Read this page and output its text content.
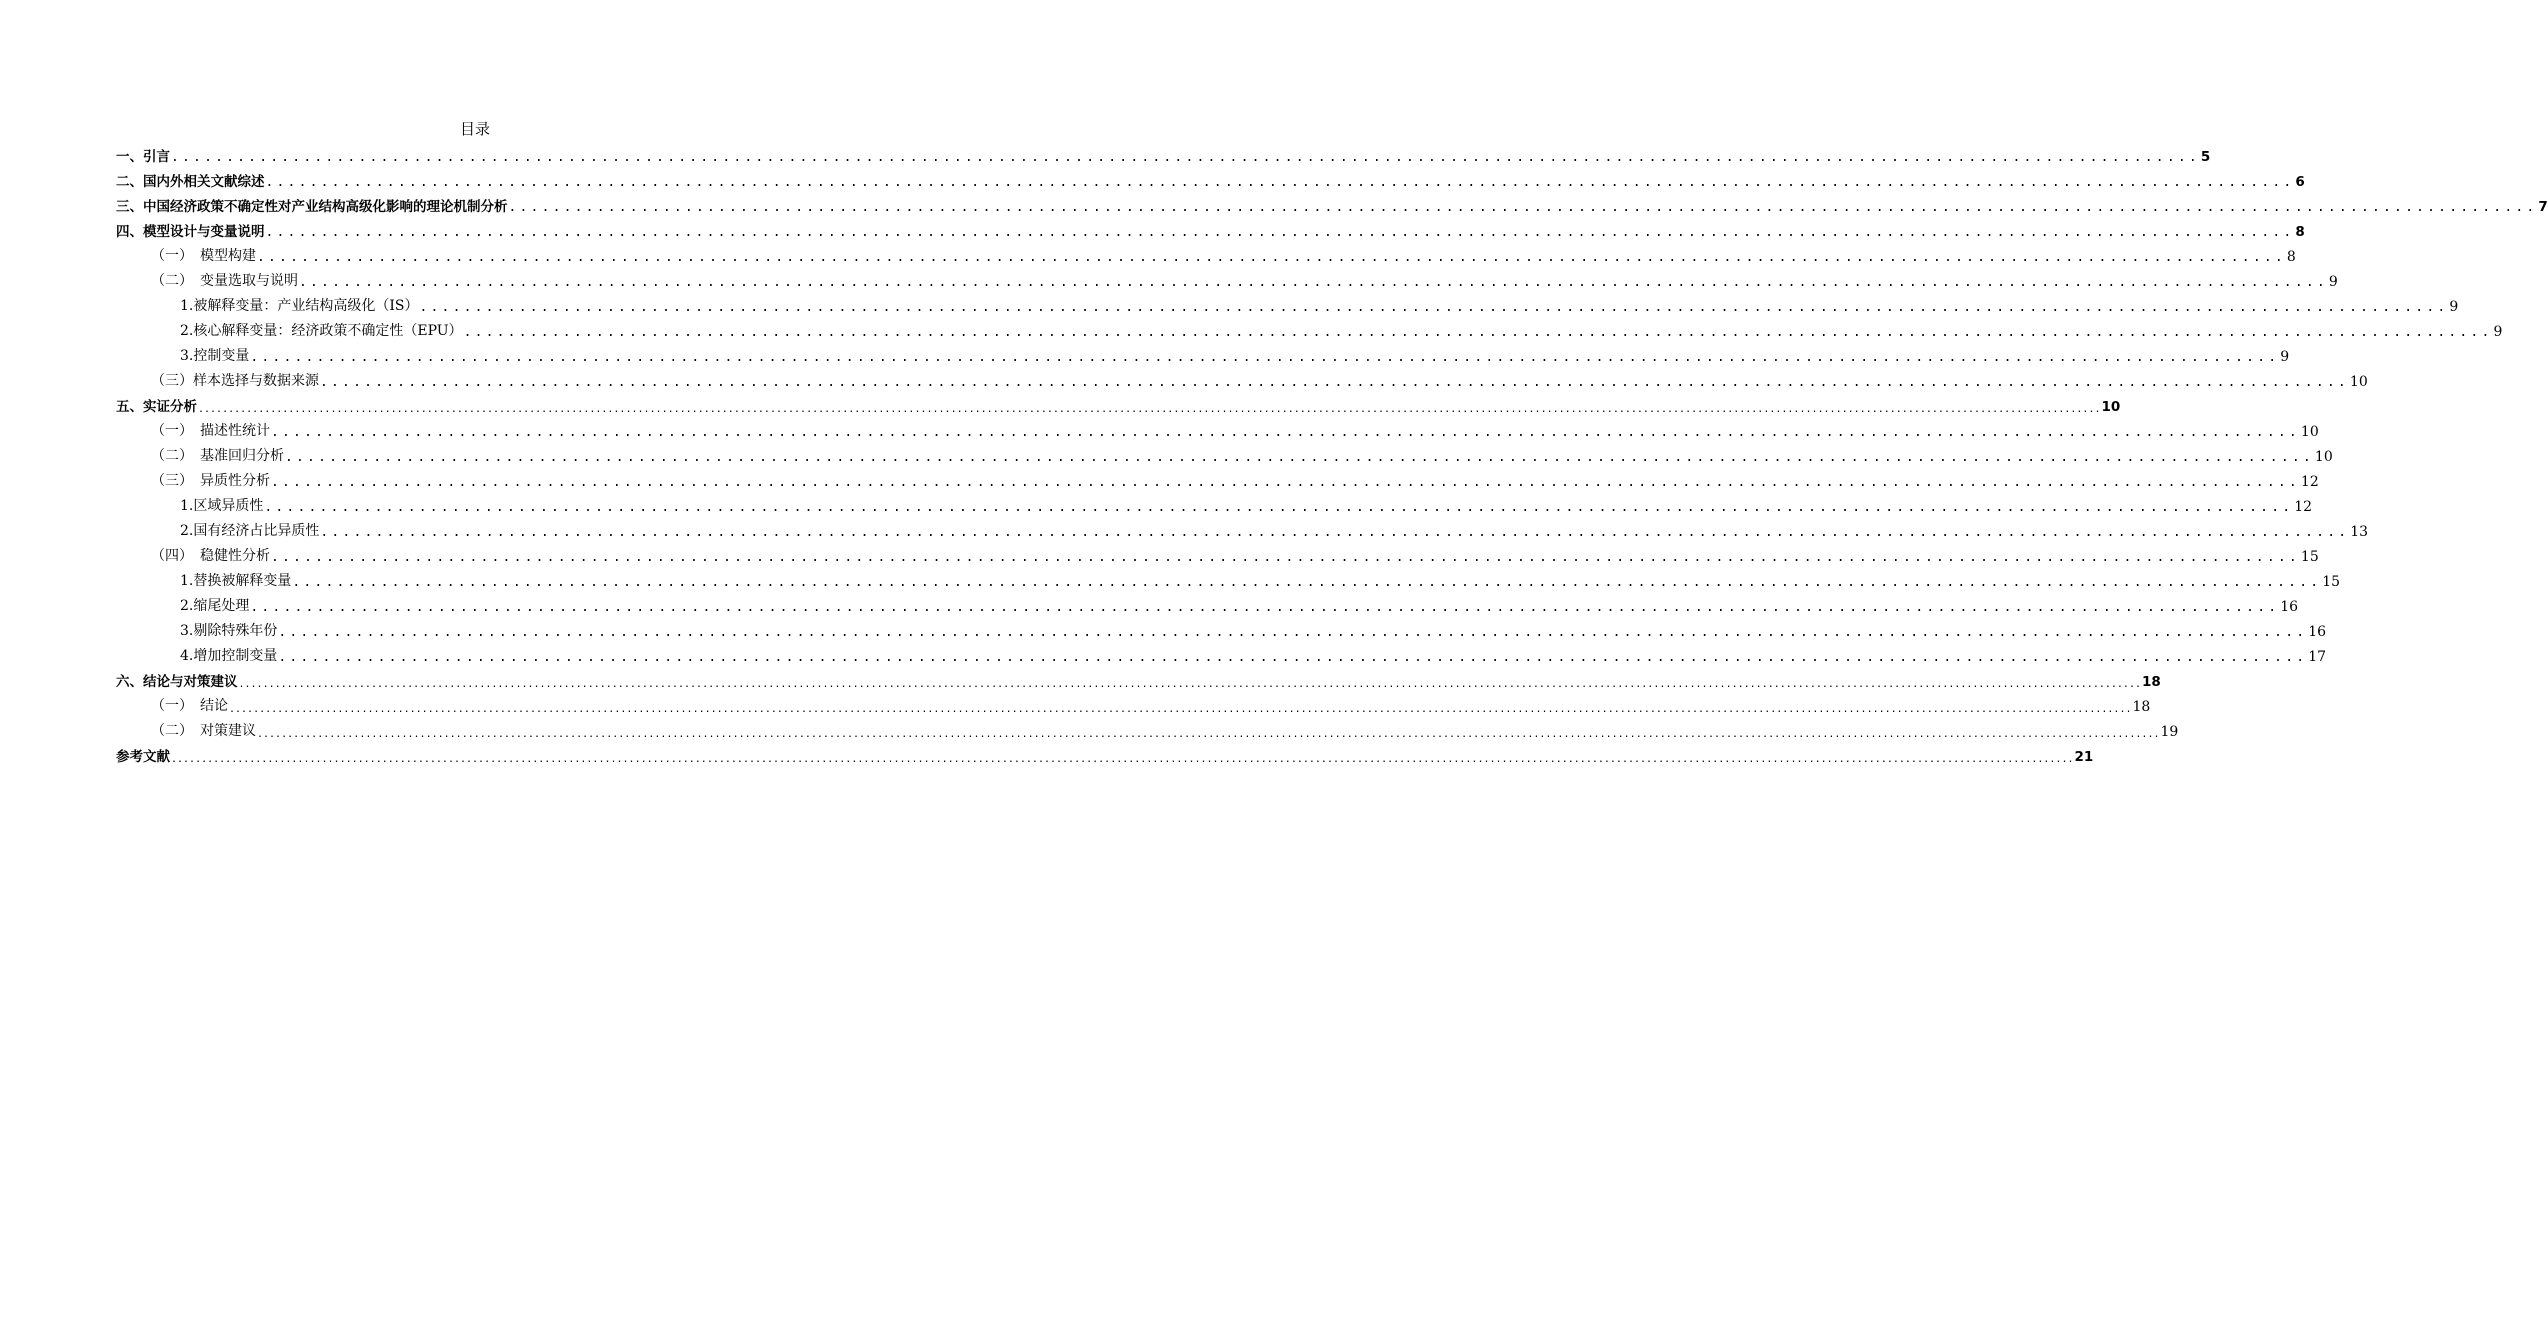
目录
一、引言 ........................................................................................................................................................................................ 5
二、国内外相关文献综述 ........................................................................................................................................................................................ 6
三、中国经济政策不确定性对产业结构高级化影响的理论机制分析 ........................................................................................................................................................................................ 7
四、模型设计与变量说明 ........................................................................................................................................................................................ 8
（一）　模型构建 ........................................................................................................................................................................................ 8
（二）　变量选取与说明 ........................................................................................................................................................................................ 9
1.被解释变量：产业结构高级化（IS） ........................................................................................................................................................................................ 9
2.核心解释变量：经济政策不确定性（EPU） ........................................................................................................................................................................................ 9
3.控制变量 ........................................................................................................................................................................................ 9
（三）样本选择与数据来源 ........................................................................................................................................................................................ 10
五、实证分析 ............................................................................................................................................................................................................................................................................................................................ 10
（一）　描述性统计 ........................................................................................................................................................................................ 10
（二）　基准回归分析 ........................................................................................................................................................................................ 10
（三）　异质性分析 ........................................................................................................................................................................................ 12
1.区域异质性 ........................................................................................................................................................................................ 12
2.国有经济占比异质性 ........................................................................................................................................................................................ 13
（四）　稳健性分析 ........................................................................................................................................................................................ 15
1.替换被解释变量 ........................................................................................................................................................................................ 15
2.缩尾处理 ........................................................................................................................................................................................ 16
3.剔除特殊年份 ........................................................................................................................................................................................ 16
4.增加控制变量 ........................................................................................................................................................................................ 17
六、结论与对策建议 ............................................................................................................................................................................................................................................................................................................................ 18
（一）　结论 ............................................................................................................................................................................................................................................................................................................................ 18
（二）　对策建议 ............................................................................................................................................................................................................................................................................................................................ 19
参考文献 ............................................................................................................................................................................................................................................................................................................................ 21
